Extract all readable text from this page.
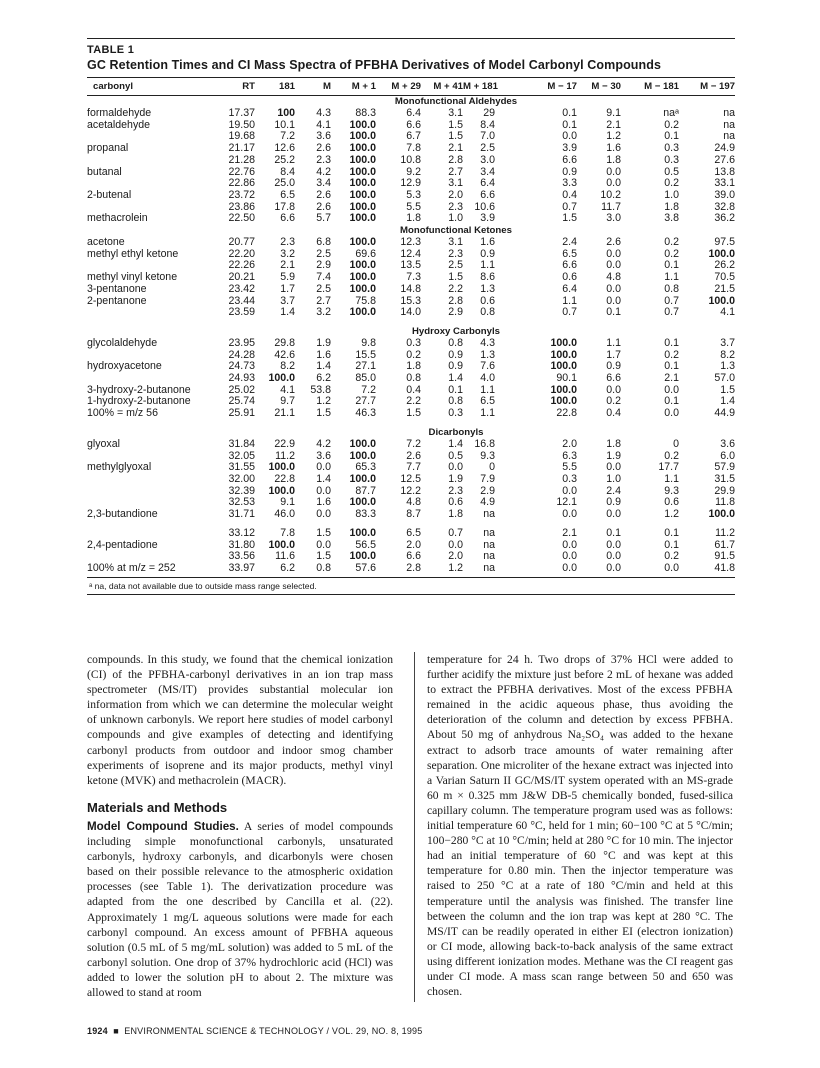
TABLE 1
GC Retention Times and CI Mass Spectra of PFBHA Derivatives of Model Carbonyl Compounds
carbonyl	RT	181	M	M + 1	M + 29	M + 41	M + 181	M − 17	M − 30	M − 181	M − 197
Monofunctional Aldehydes											
formaldehyde	17.37	100	4.3	88.3	6.4	3.1	29	0.1	9.1	naᵃ	na
acetaldehyde	19.50	10.1	4.1	100.0	6.6	1.5	8.4	0.1	2.1	0.2	na
	19.68	7.2	3.6	100.0	6.7	1.5	7.0	0.0	1.2	0.1	na
propanal	21.17	12.6	2.6	100.0	7.8	2.1	2.5	3.9	1.6	0.3	24.9
	21.28	25.2	2.3	100.0	10.8	2.8	3.0	6.6	1.8	0.3	27.6
butanal	22.76	8.4	4.2	100.0	9.2	2.7	3.4	0.9	0.0	0.5	13.8
	22.86	25.0	3.4	100.0	12.9	3.1	6.4	3.3	0.0	0.2	33.1
2-butenal	23.72	6.5	2.6	100.0	5.3	2.0	6.6	0.4	10.2	1.0	39.0
	23.86	17.8	2.6	100.0	5.5	2.3	10.6	0.7	11.7	1.8	32.8
methacrolein	22.50	6.6	5.7	100.0	1.8	1.0	3.9	1.5	3.0	3.8	36.2
Monofunctional Ketones											
acetone	20.77	2.3	6.8	100.0	12.3	3.1	1.6	2.4	2.6	0.2	97.5
methyl ethyl ketone	22.20	3.2	2.5	69.6	12.4	2.3	0.9	6.5	0.0	0.2	100.0
	22.26	2.1	2.9	100.0	13.5	2.5	1.1	6.6	0.0	0.1	26.2
methyl vinyl ketone	20.21	5.9	7.4	100.0	7.3	1.5	8.6	0.6	4.8	1.1	70.5
3-pentanone	23.42	1.7	2.5	100.0	14.8	2.2	1.3	6.4	0.0	0.8	21.5
2-pentanone	23.44	3.7	2.7	75.8	15.3	2.8	0.6	1.1	0.0	0.7	100.0
	23.59	1.4	3.2	100.0	14.0	2.9	0.8	0.7	0.1	0.7	4.1

Hydroxy Carbonyls											
glycolaldehyde	23.95	29.8	1.9	9.8	0.3	0.8	4.3	100.0	1.1	0.1	3.7
	24.28	42.6	1.6	15.5	0.2	0.9	1.3	100.0	1.7	0.2	8.2
hydroxyacetone	24.73	8.2	1.4	27.1	1.8	0.9	7.6	100.0	0.9	0.1	1.3
	24.93	100.0	6.2	85.0	0.8	1.4	4.0	90.1	6.6	2.1	57.0
3-hydroxy-2-butanone	25.02	4.1	53.8	7.2	0.4	0.1	1.1	100.0	0.0	0.0	1.5
1-hydroxy-2-butanone	25.74	9.7	1.2	27.7	2.2	0.8	6.5	100.0	0.2	0.1	1.4
100% = m/z 56	25.91	21.1	1.5	46.3	1.5	0.3	1.1	22.8	0.4	0.0	44.9

Dicarbonyls											
glyoxal	31.84	22.9	4.2	100.0	7.2	1.4	16.8	2.0	1.8	0	3.6
	32.05	11.2	3.6	100.0	2.6	0.5	9.3	6.3	1.9	0.2	6.0
methylglyoxal	31.55	100.0	0.0	65.3	7.7	0.0	0	5.5	0.0	17.7	57.9
	32.00	22.8	1.4	100.0	12.5	1.9	7.9	0.3	1.0	1.1	31.5
	32.39	100.0	0.0	87.7	12.2	2.3	2.9	0.0	2.4	9.3	29.9
	32.53	9.1	1.6	100.0	4.8	0.6	4.9	12.1	0.9	0.6	11.8
2,3-butandione	31.71	46.0	0.0	83.3	8.7	1.8	na	0.0	0.0	1.2	100.0

	33.12	7.8	1.5	100.0	6.5	0.7	na	2.1	0.1	0.1	11.2
2,4-pentadione	31.80	100.0	0.0	56.5	2.0	0.0	na	0.0	0.0	0.1	61.7
	33.56	11.6	1.5	100.0	6.6	2.0	na	0.0	0.0	0.2	91.5
100% at m/z = 252	33.97	6.2	0.8	57.6	2.8	1.2	na	0.0	0.0	0.0	41.8
ᵃ na, data not available due to outside mass range selected.

compounds. In this study, we found that the chemical ionization (CI) of the PFBHA-carbonyl derivatives in an ion trap mass spectrometer (MS/IT) provides substantial molecular ion information from which we can determine the molecular weight of unknown carbonyls. We report here studies of model carbonyl compounds and give examples of detecting and identifying carbonyl products from outdoor and indoor smog chamber experiments of isoprene and its major products, methyl vinyl ketone (MVK) and methacrolein (MACR).

Materials and Methods

Model Compound Studies. A series of model compounds including simple monofunctional carbonyls, unsaturated carbonyls, hydroxy carbonyls, and dicarbonyls were chosen based on their possible relevance to the atmospheric oxidation processes (see Table 1). The derivatization procedure was adapted from the one described by Cancilla et al. (22). Approximately 1 mg/L aqueous solutions were made for each carbonyl compound. An excess amount of PFBHA aqueous solution (0.5 mL of 5 mg/mL solution) was added to 5 mL of the carbonyl solution. One drop of 37% hydrochloric acid (HCl) was added to lower the solution pH to about 2. The mixture was allowed to stand at room

temperature for 24 h. Two drops of 37% HCl were added to further acidify the mixture just before 2 mL of hexane was added to extract the PFBHA derivatives. Most of the excess PFBHA remained in the acidic aqueous phase, thus avoiding the deterioration of the column and detection by excess PFBHA. About 50 mg of anhydrous Na₂SO₄ was added to the hexane extract to adsorb trace amounts of water remaining after separation. One microliter of the hexane extract was injected into a Varian Saturn II GC/MS/IT system operated with an MS-grade 60 m × 0.325 mm J&W DB-5 chemically bonded, fused-silica capillary column. The temperature program used was as follows: initial temperature 60 °C, held for 1 min; 60−100 °C at 5 °C/min; 100−280 °C at 10 °C/min; held at 280 °C for 10 min. The injector had an initial temperature of 60 °C and was kept at this temperature for 0.80 min. Then the injector temperature was raised to 250 °C at a rate of 180 °C/min and held at this temperature until the analysis was finished. The transfer line between the column and the ion trap was kept at 280 °C. The MS/IT can be readily operated in either EI (electron ionization) or CI mode, allowing back-to-back analysis of the same extract using different ionization modes. Methane was the CI reagent gas under CI mode. A mass scan range between 50 and 650 was chosen.

1924  ■  ENVIRONMENTAL SCIENCE & TECHNOLOGY / VOL. 29, NO. 8, 1995
